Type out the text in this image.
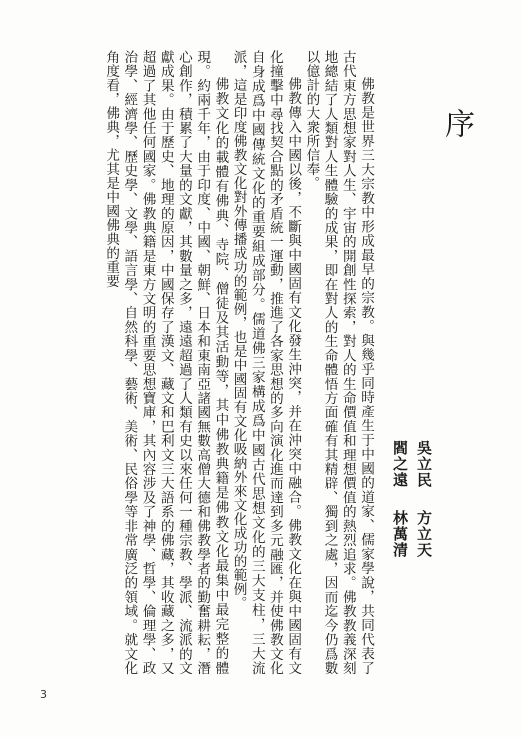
序
吳立民方立天
閻之遠林萬清

佛教是世界三大宗教中形成最早的宗教。與幾乎同時產生于中國的道家、儒家學說，共同代表了古代東方思想家對人生、宇宙的開創性探索，對人的生命價值和理想價值的熱烈追求。佛教教義深刻地總結了人類對人生體驗的成果，即在對人的生命體悟方面確有其精辟、獨到之處，因而迄今仍爲數以億計的大衆所信奉。

佛教傳入中國以後，不斷與中國固有文化發生沖突，并在沖突中融合。佛教文化在與中國固有文化撞擊中尋找契合點的矛盾統一運動，推進了各家思想的多向演化進而達到多元融匯，并使佛教文化自身成爲中國傳統文化的重要組成部分。儒道佛三家構成爲中國古代思想文化的三大支柱，三大流派，這是印度佛教文化對外傳播成功的範例，也是中國固有文化吸納外來文化成功的範例。

佛教文化的載體有佛典、寺院、僧徒及其活動等，其中佛教典籍是佛教文化最集中最完整的體現。約兩千年，由于印度、中國、朝鮮、日本和東南亞諸國無數高僧大德和佛教學者的勤奮耕耘，潛心創作，積累了大量的文獻，其數量之多，遠遠超過了人類有史以來任何一種宗教、學派、流派的文獻成果。由于歷史、地理的原因，中國保存了漢文、藏文和巴利文三大語系的佛藏，其收藏之多，又超過了其他任何國家。佛教典籍是東方文明的重要思想寶庫，其內容涉及了神學、哲學、倫理學、政治學、經濟學、歷史學、文學、語言學、自然科學、藝術、美術、民俗學等非常廣泛的領域。就文化角度看，佛典，尤其是中國佛典的重要

3
